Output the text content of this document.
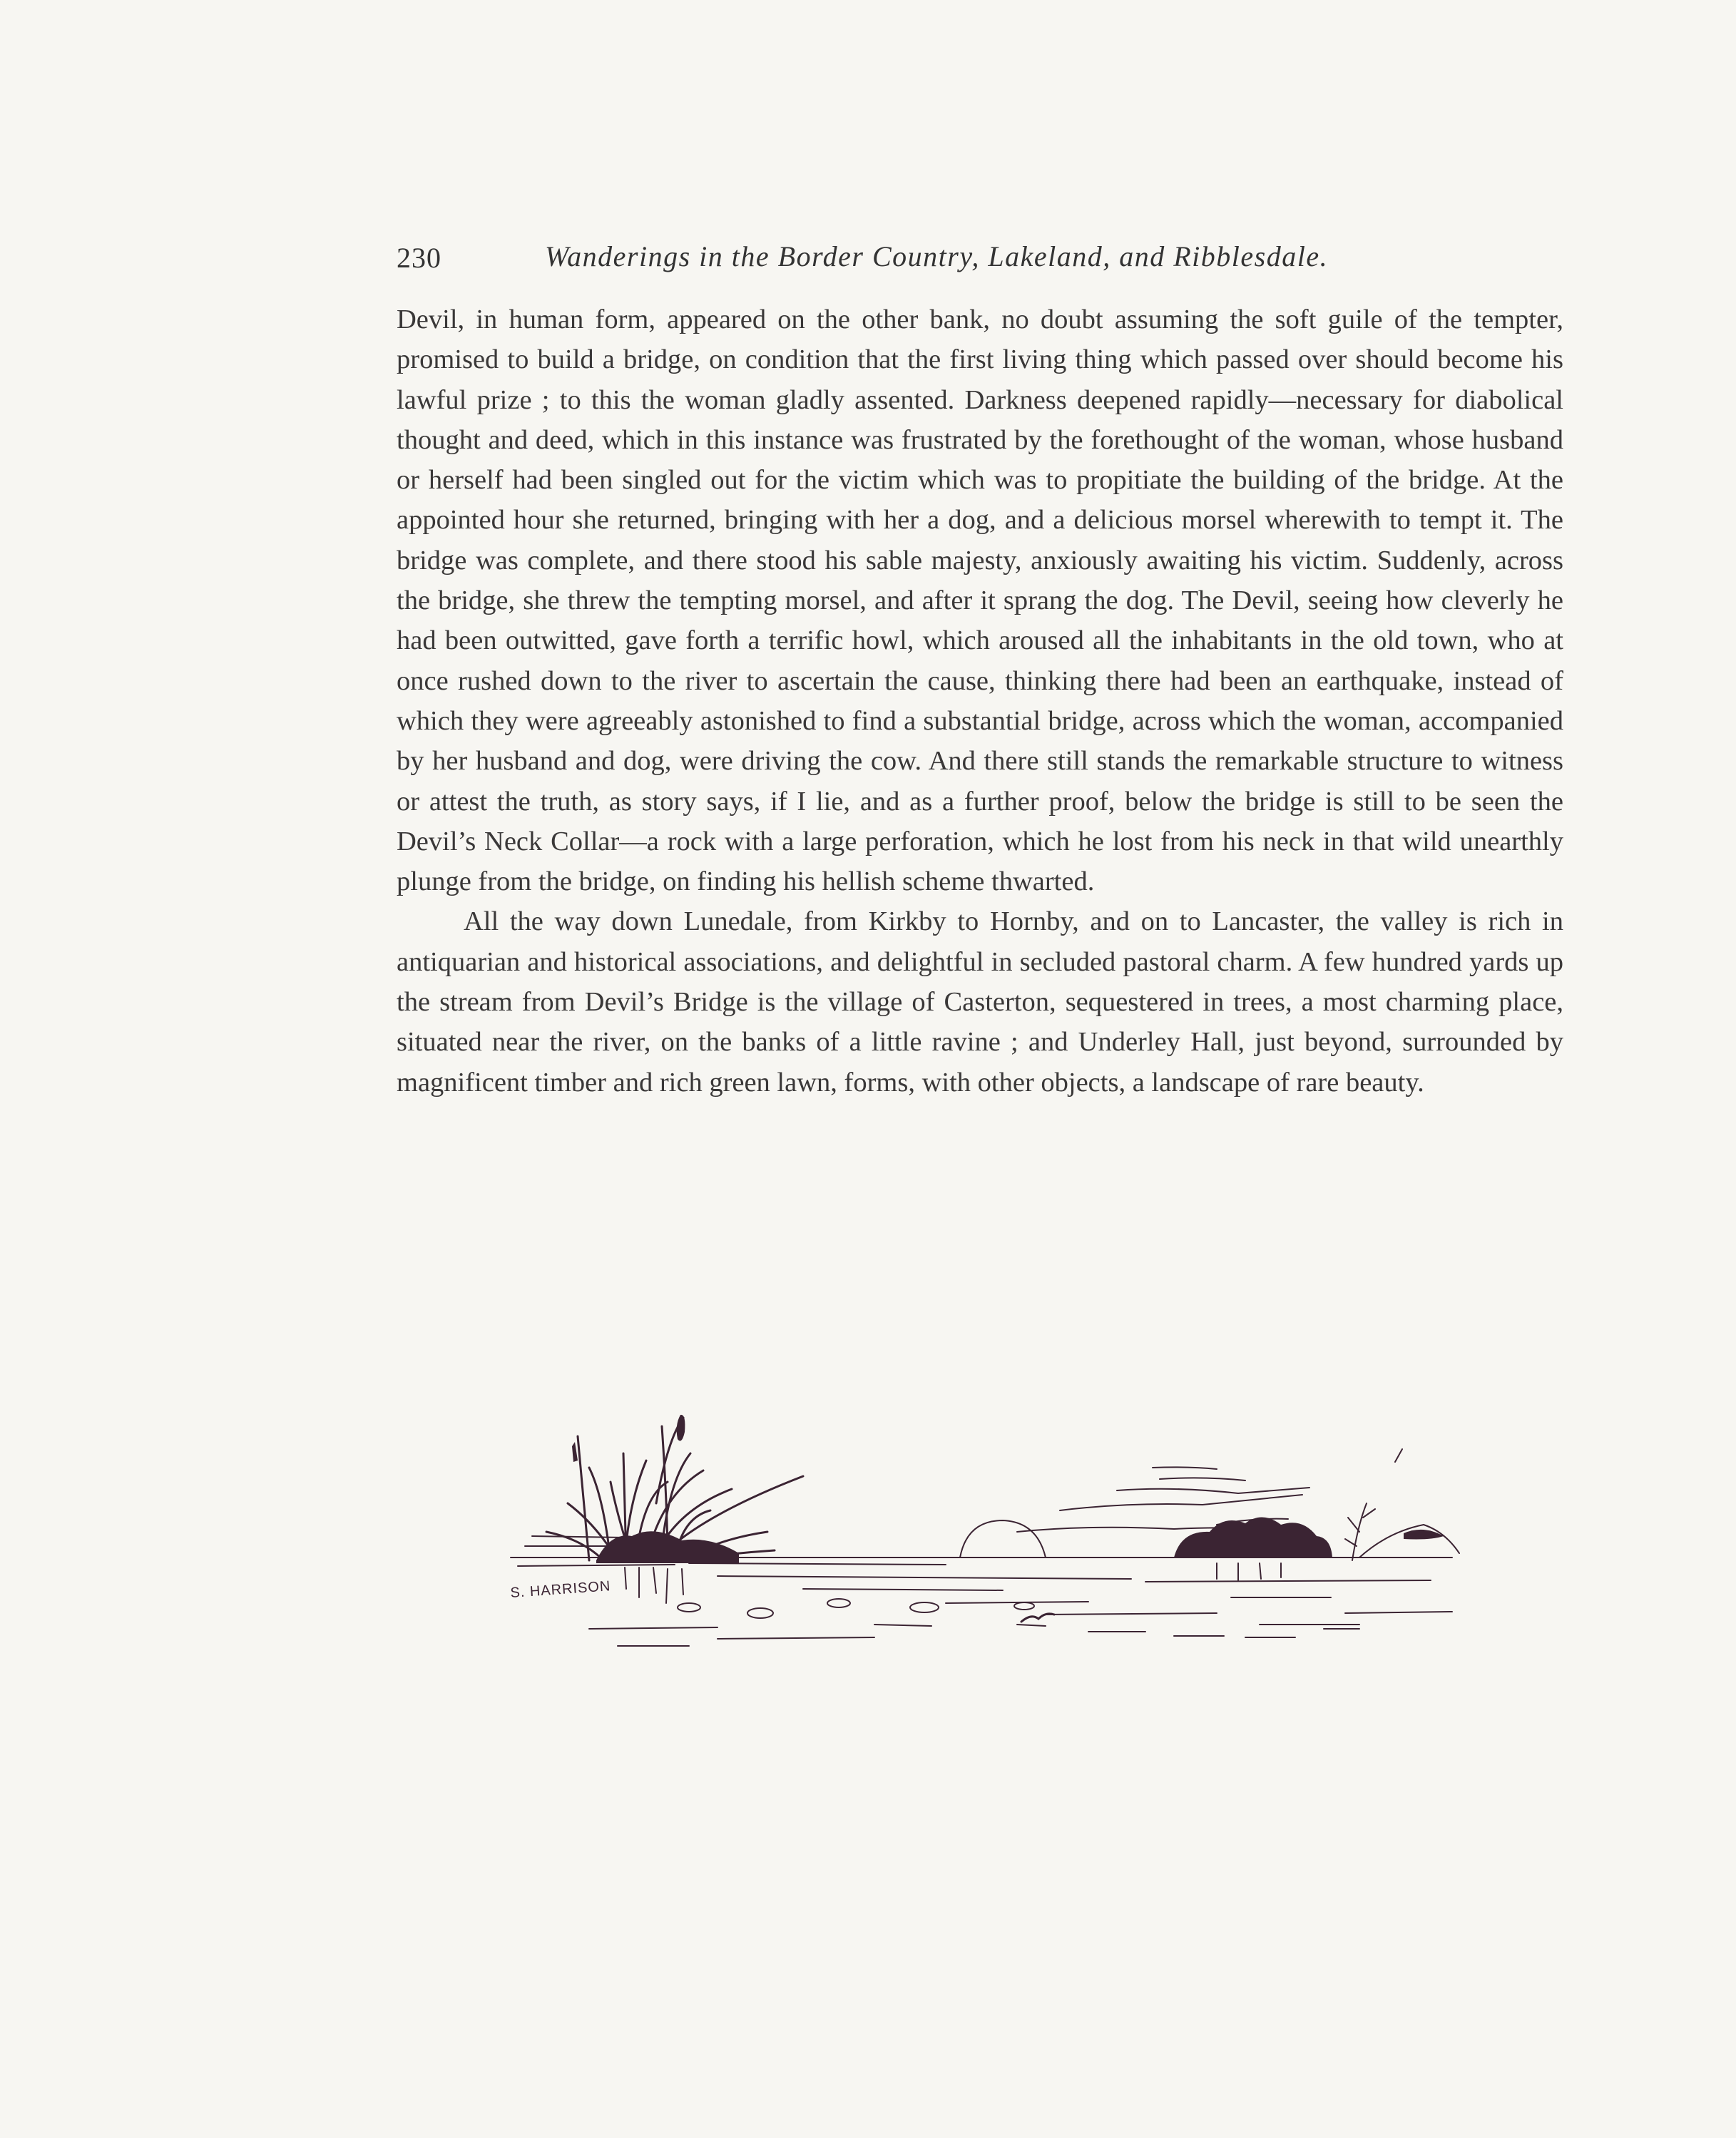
230	Wanderings in the Border Country, Lakeland, and Ribblesdale.

Devil, in human form, appeared on the other bank, no doubt assuming the soft guile of the tempter, promised to build a bridge, on condition that the first living thing which passed over should become his lawful prize ; to this the woman gladly assented. Darkness deepened rapidly—necessary for diabolical thought and deed, which in this instance was frustrated by the forethought of the woman, whose husband or herself had been singled out for the victim which was to propitiate the building of the bridge. At the appointed hour she returned, bringing with her a dog, and a delicious morsel wherewith to tempt it. The bridge was complete, and there stood his sable majesty, anxiously awaiting his victim. Suddenly, across the bridge, she threw the tempting morsel, and after it sprang the dog. The Devil, seeing how cleverly he had been outwitted, gave forth a terrific howl, which aroused all the inhabitants in the old town, who at once rushed down to the river to ascertain the cause, thinking there had been an earthquake, instead of which they were agreeably astonished to find a substantial bridge, across which the woman, accompanied by her husband and dog, were driving the cow. And there still stands the remarkable structure to witness or attest the truth, as story says, if I lie, and as a further proof, below the bridge is still to be seen the Devil’s Neck Collar—a rock with a large perforation, which he lost from his neck in that wild unearthly plunge from the bridge, on finding his hellish scheme thwarted.

All the way down Lunedale, from Kirkby to Hornby, and on to Lancaster, the valley is rich in antiquarian and historical associations, and delightful in secluded pastoral charm. A few hundred yards up the stream from Devil’s Bridge is the village of Casterton, sequestered in trees, a most charming place, situated near the river, on the banks of a little ravine ; and Underley Hall, just beyond, surrounded by magnificent timber and rich green lawn, forms, with other objects, a landscape of rare beauty.

S. HARRISON
